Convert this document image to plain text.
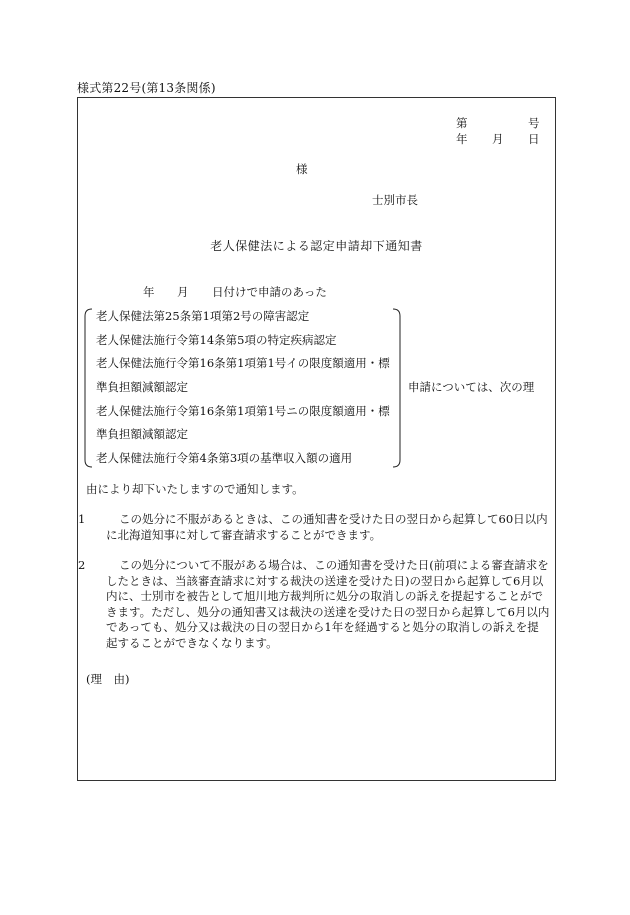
様式第22号(第13条関係)
第	号
年 月 日
様
士別市長
老人保健法による認定申請却下通知書
年 月 日付けで申請のあった
老人保健法第25条第1項第2号の障害認定
老人保健法施行令第14条第5項の特定疾病認定
老人保健法施行令第16条第1項第1号イの限度額適用・標
準負担額減額認定
老人保健法施行令第16条第1項第1号ニの限度額適用・標
準負担額減額認定
老人保健法施行令第4条第3項の基準収入額の適用
申請については、次の理
由により却下いたしますので通知します。
1	この処分に不服があるときは、この通知書を受けた日の翌日から起算して60日以内に北海道知事に対して審査請求することができます。
2	この処分について不服がある場合は、この通知書を受けた日(前項による審査請求をしたときは、当該審査請求に対する裁決の送達を受けた日)の翌日から起算して6月以内に、士別市を被告として旭川地方裁判所に処分の取消しの訴えを提起することができます。ただし、処分の通知書又は裁決の送達を受けた日の翌日から起算して6月以内であっても、処分又は裁決の日の翌日から1年を経過すると処分の取消しの訴えを提起することができなくなります。
(理　由)
